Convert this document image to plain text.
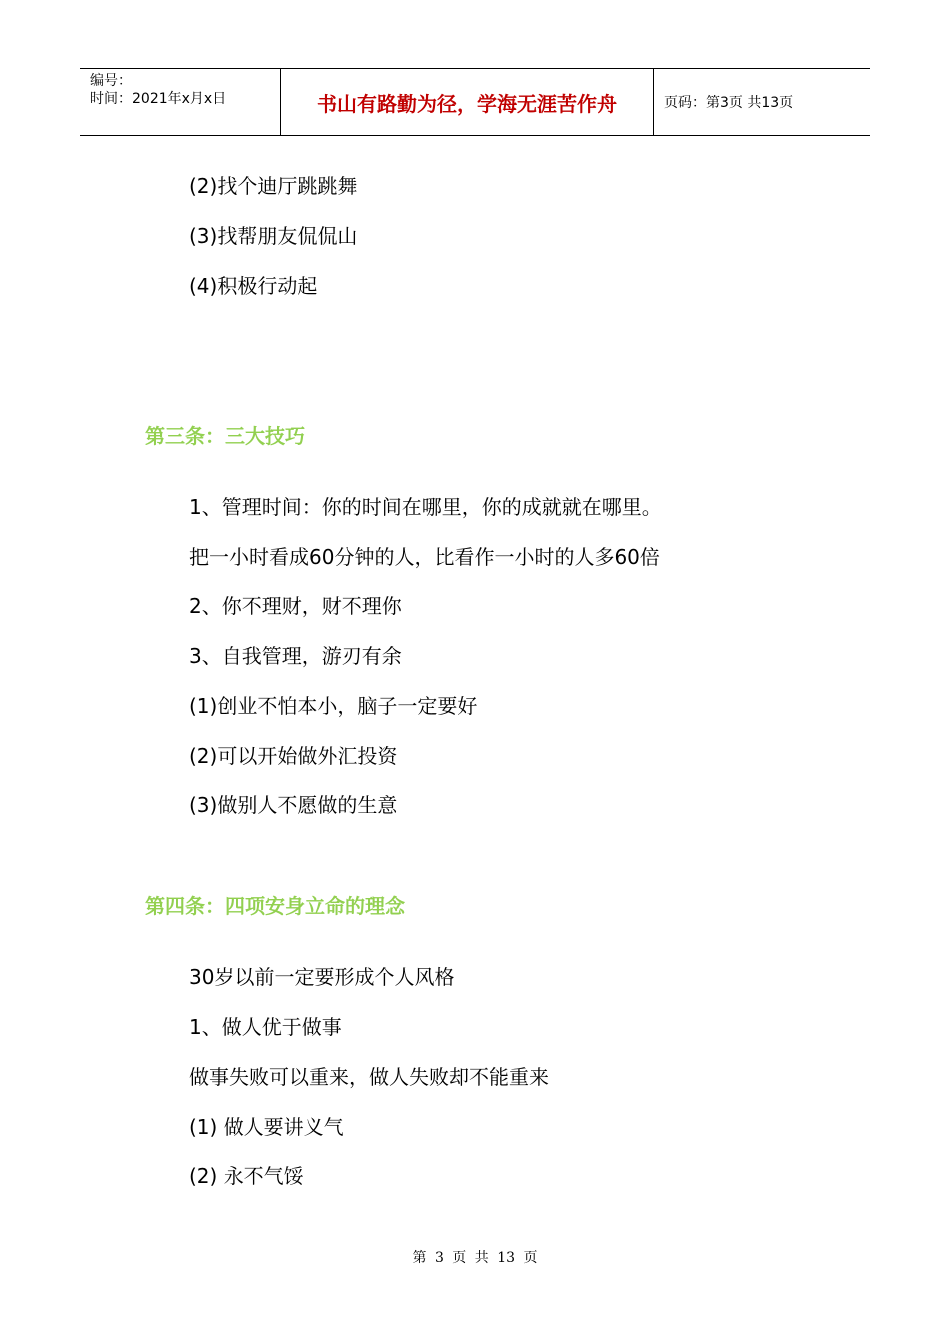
编号：
时间：2021年x月x日	书山有路勤为径，学海无涯苦作舟	页码：第3页 共13页
(2)找个迪厅跳跳舞
(3)找帮朋友侃侃山
(4)积极行动起
第三条：三大技巧
1、管理时间：你的时间在哪里，你的成就就在哪里。
把一小时看成60分钟的人，比看作一小时的人多60倍
2、你不理财，财不理你
3、自我管理，游刃有余
(1)创业不怕本小，脑子一定要好
(2)可以开始做外汇投资
(3)做别人不愿做的生意
第四条：四项安身立命的理念
30岁以前一定要形成个人风格
1、做人优于做事
做事失败可以重来，做人失败却不能重来
(1) 做人要讲义气
(2) 永不气馁
第 3 页 共 13 页
